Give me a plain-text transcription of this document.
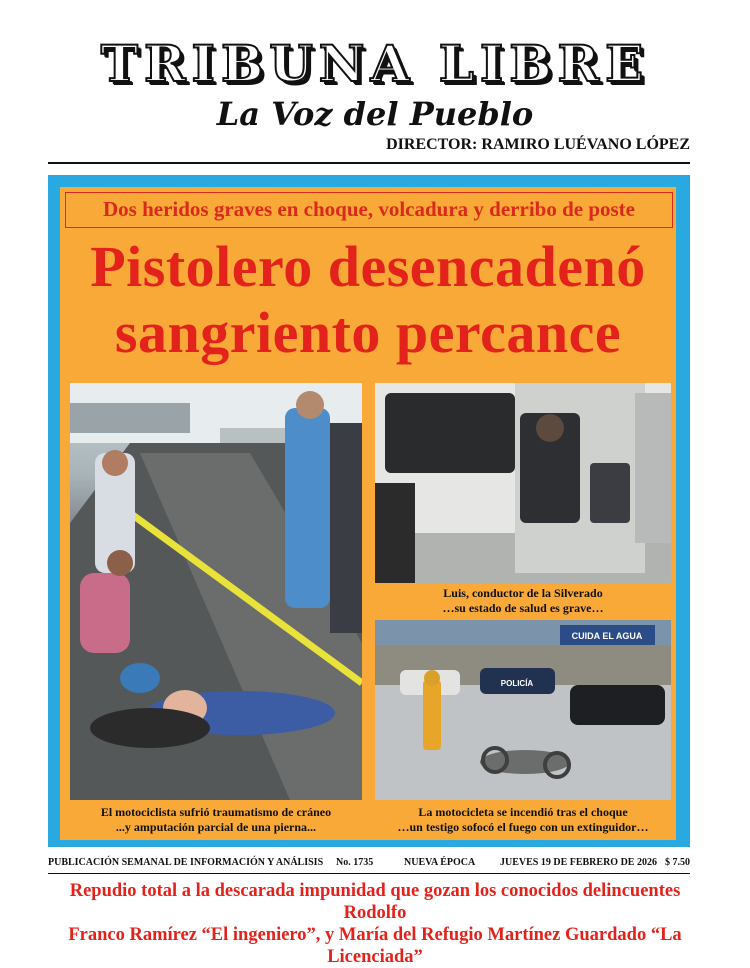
TRIBUNA LIBRE
La Voz del Pueblo
DIRECTOR: RAMIRO LUÉVANO LÓPEZ
Dos heridos graves en choque, volcadura y derribo de poste
Pistolero desencadenó
sangriento percance
El motociclista sufrió traumatismo de cráneo
...y amputación parcial de una pierna...
Luis, conductor de la Silverado
…su estado de salud es grave…
CUIDA EL AGUA
POLICÍA
La motocicleta se incendió tras el choque
…un testigo sofocó el fuego con un extinguidor…
PUBLICACIÓN SEMANAL DE INFORMACIÓN Y ANÁLISIS No. 1735	NUEVA ÉPOCA JUEVES 19 DE FEBRERO DE 2026 $ 7.50
Repudio total a la descarada impunidad que gozan los conocidos delincuentes Rodolfo
Franco Ramírez “El ingeniero”, y María del Refugio Martínez Guardado “La Licenciada”
